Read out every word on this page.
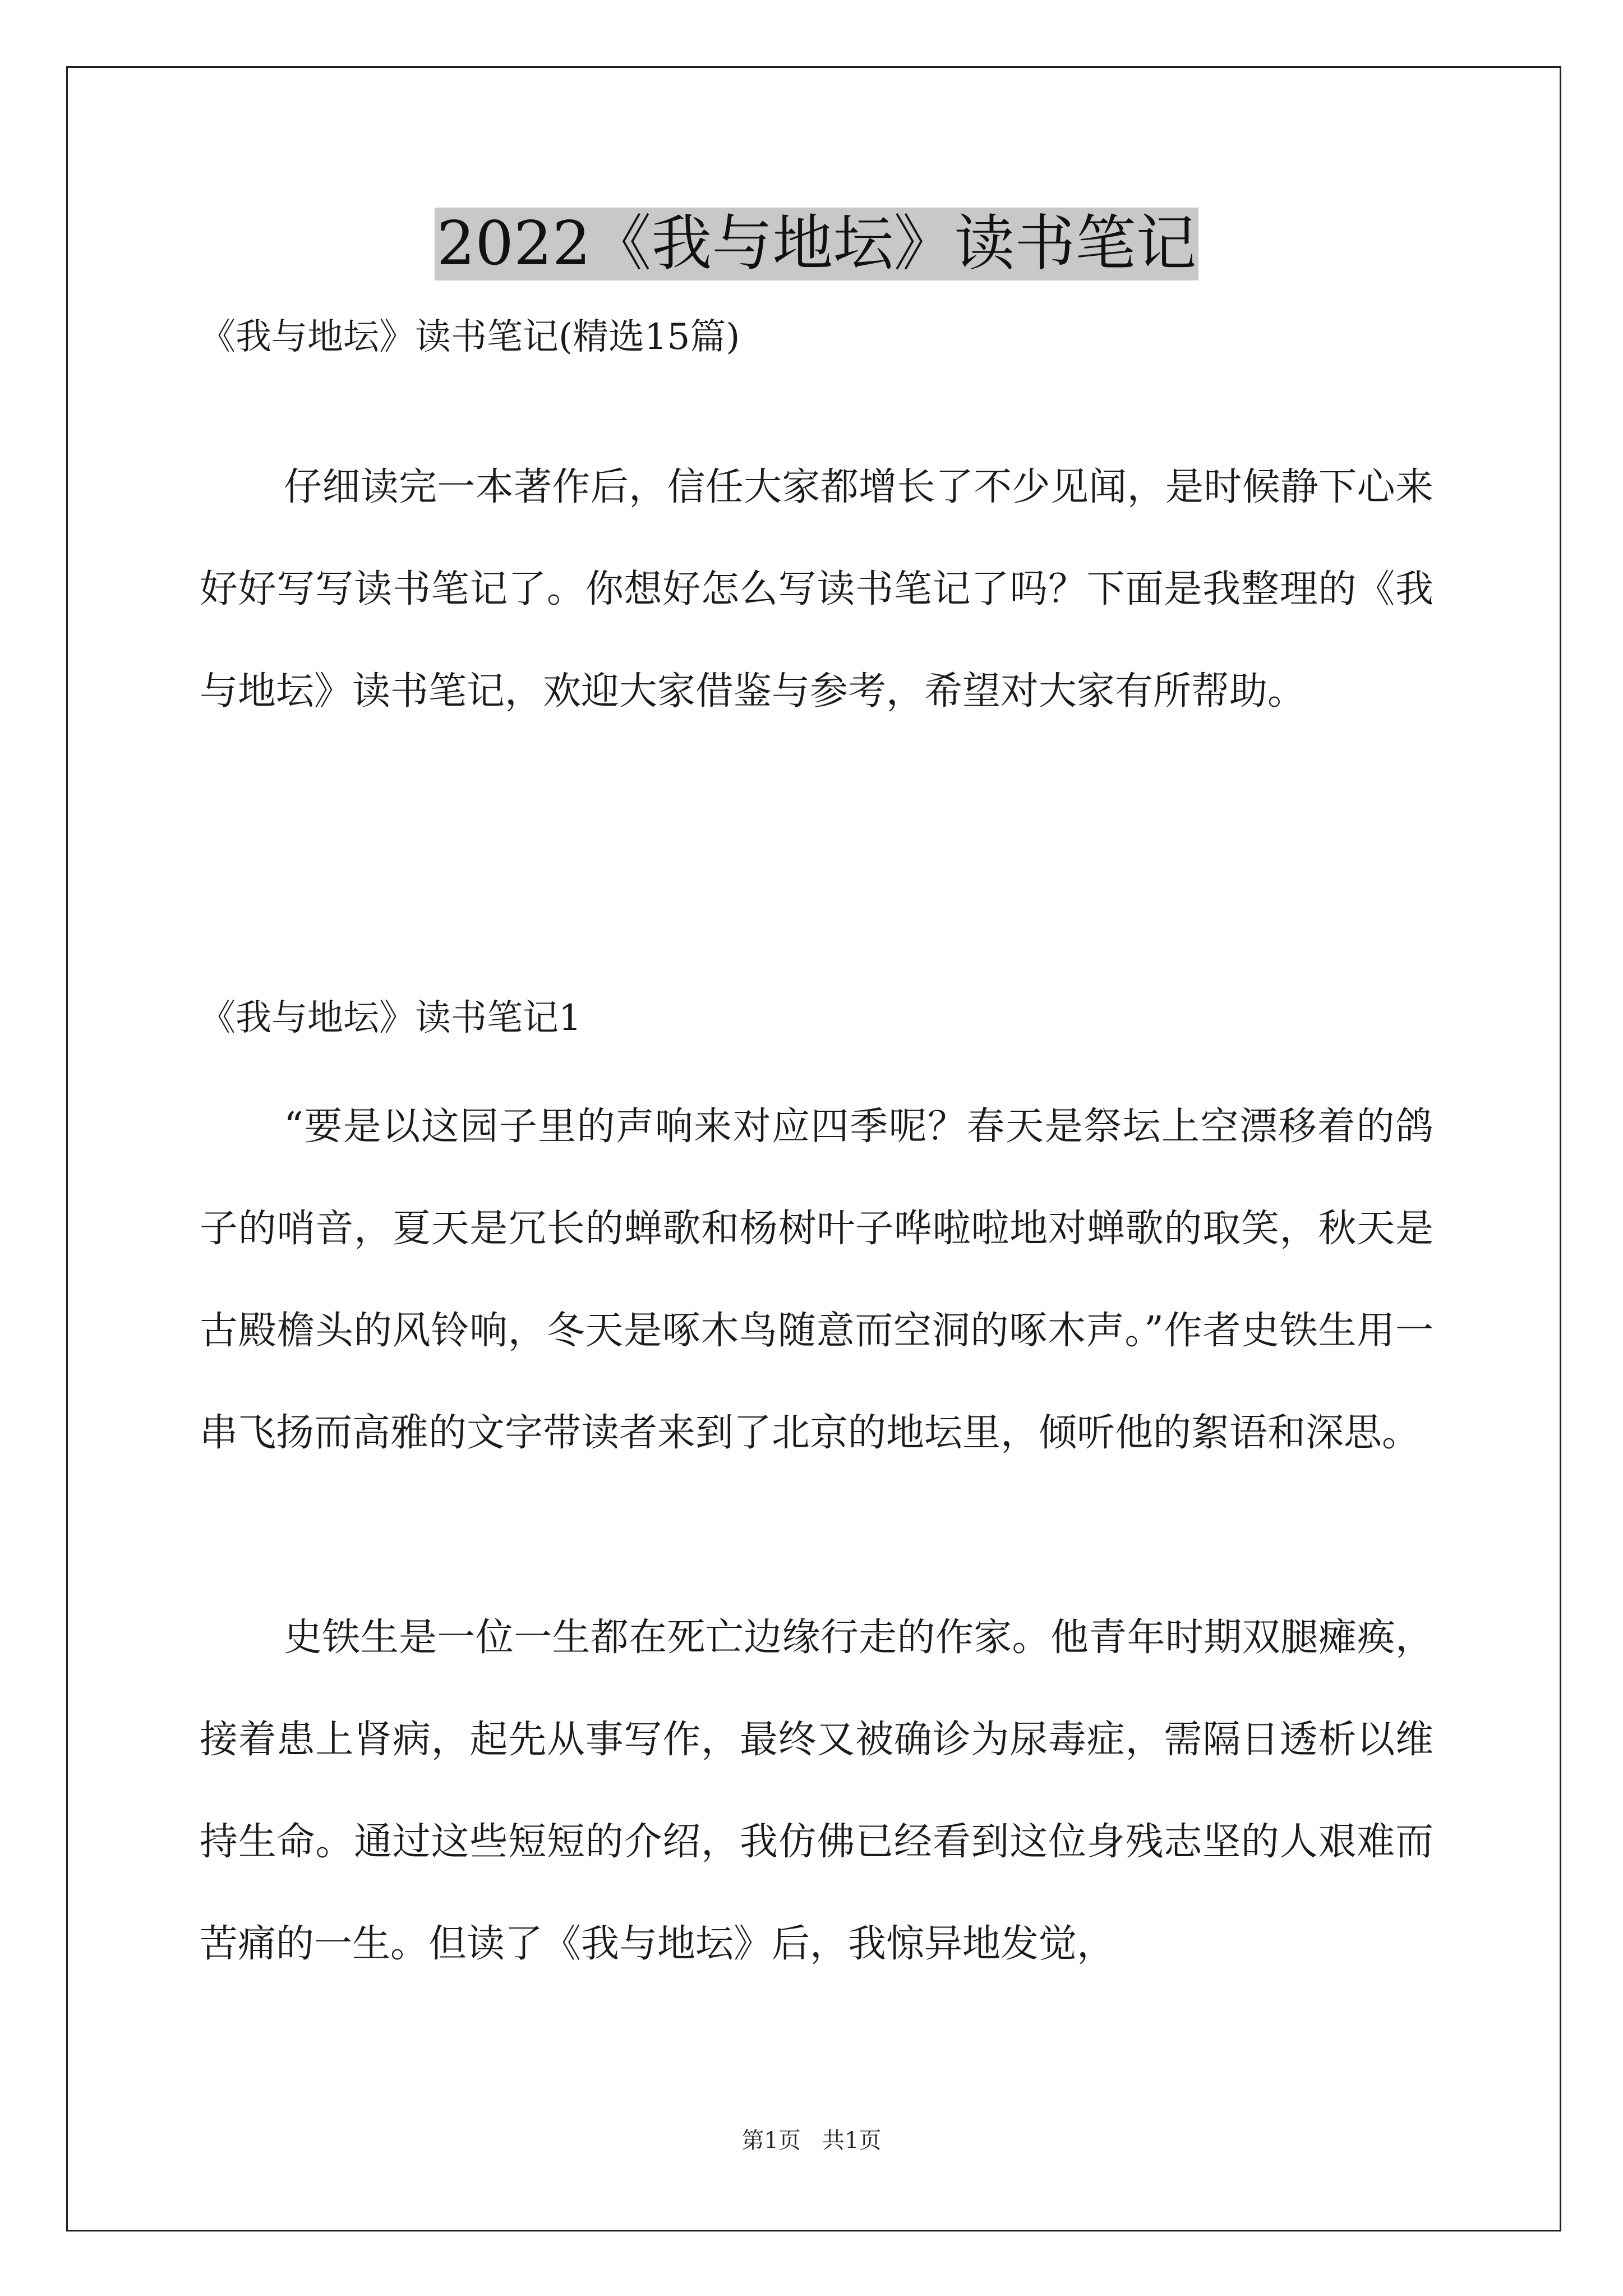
2022《我与地坛》读书笔记
《我与地坛》读书笔记(精选15篇)

仔细读完一本著作后，信任大家都增长了不少见闻，是时候静下心来好好写写读书笔记了。你想好怎么写读书笔记了吗？下面是我整理的《我与地坛》读书笔记，欢迎大家借鉴与参考，希望对大家有所帮助。

《我与地坛》读书笔记1

“要是以这园子里的声响来对应四季呢？春天是祭坛上空漂移着的鸽子的哨音，夏天是冗长的蝉歌和杨树叶子哗啦啦地对蝉歌的取笑，秋天是古殿檐头的风铃响，冬天是啄木鸟随意而空洞的啄木声。”作者史铁生用一串飞扬而高雅的文字带读者来到了北京的地坛里，倾听他的絮语和深思。

史铁生是一位一生都在死亡边缘行走的作家。他青年时期双腿瘫痪，接着患上肾病，起先从事写作，最终又被确诊为尿毒症，需隔日透析以维持生命。通过这些短短的介绍，我仿佛已经看到这位身残志坚的人艰难而苦痛的一生。但读了《我与地坛》后，我惊异地发觉，

第1页   共1页
